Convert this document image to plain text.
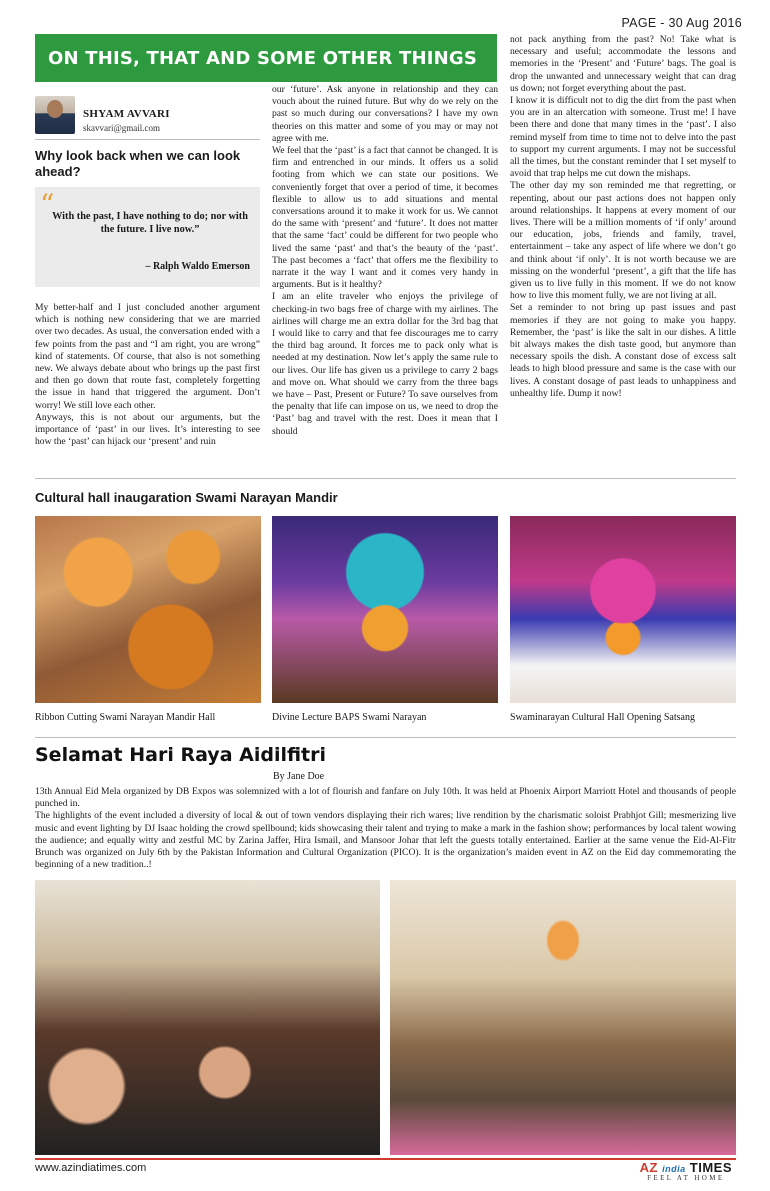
PAGE - 30 Aug 2016
ON THIS, THAT AND SOME OTHER THINGS
SHYAM AVVARI
skavvari@gmail.com
Why look back when we can look ahead?
“
With the past, I have nothing to do; nor with the future. I live now.”
– Ralph Waldo Emerson

My better-half and I just concluded another argument which is nothing new considering that we are married over two decades. As usual, the conversation ended with a few points from the past and “I am right, you are wrong” kind of statements. Of course, that also is not something new. We always debate about who brings up the past first and then go down that route fast, completely forgetting the issue in hand that triggered the argument. Don’t worry! We still love each other.

Anyways, this is not about our arguments, but the importance of ‘past’ in our lives. It’s interesting to see how the ‘past’ can hijack our ‘present’ and ruin

our ‘future’. Ask anyone in relationship and they can vouch about the ruined future. But why do we rely on the past so much during our conversations? I have my own theories on this matter and some of you may or may not agree with me.

We feel that the ‘past’ is a fact that cannot be changed. It is firm and entrenched in our minds. It offers us a solid footing from which we can state our positions. We conveniently forget that over a period of time, it becomes flexible to allow us to add situations and mental conversations around it to make it work for us. We cannot do the same with ‘present’ and ‘future’. It does not matter that the same ‘fact’ could be different for two people who lived the same ‘past’ and that’s the beauty of the ‘past’. The past becomes a ‘fact’ that offers me the flexibility to narrate it the way I want and it comes very handy in arguments. But is it healthy?

I am an elite traveler who enjoys the privilege of checking-in two bags free of charge with my airlines. The airlines will charge me an extra dollar for the 3rd bag that I would like to carry and that fee discourages me to carry the third bag around. It forces me to pack only what is needed at my destination. Now let’s apply the same rule to our lives. Our life has given us a privilege to carry 2 bags and move on. What should we carry from the three bags we have – Past, Present or Future? To save ourselves from the penalty that life can impose on us, we need to drop the ‘Past’ bag and travel with the rest. Does it mean that I should

not pack anything from the past? No! Take what is necessary and useful; accommodate the lessons and memories in the ‘Present’ and ‘Future’ bags. The goal is drop the unwanted and unnecessary weight that can drag us down; not forget everything about the past.

I know it is difficult not to dig the dirt from the past when you are in an altercation with someone. Trust me! I have been there and done that many times in the ‘past’. I also remind myself from time to time not to delve into the past to support my current arguments. I may not be successful all the times, but the constant reminder that I set myself to avoid that trap helps me cut down the mishaps.

The other day my son reminded me that regretting, or repenting, about our past actions does not happen only around relationships. It happens at every moment of our lives. There will be a million moments of ‘if only’ around our education, jobs, friends and family, travel, entertainment – take any aspect of life where we don’t go and think about ‘if only’. It is not worth because we are missing on the wonderful ‘present’, a gift that the life has given us to live fully in this moment. If we do not know how to live this moment fully, we are not living at all.

Set a reminder to not bring up past issues and past memories if they are not going to make you happy. Remember, the ‘past’ is like the salt in our dishes. A little bit always makes the dish taste good, but anymore than necessary spoils the dish. A constant dose of excess salt leads to high blood pressure and same is the case with our lives. A constant dosage of past leads to unhappiness and unhealthy life. Dump it now!

Cultural hall inaugaration Swami Narayan Mandir
Ribbon Cutting Swami Narayan Mandir Hall	Divine Lecture BAPS Swami Narayan	Swaminarayan Cultural Hall Opening Satsang
Selamat Hari Raya Aidilfitri
By Jane Doe

13th Annual Eid Mela organized by DB Expos was solemnized with a lot of flourish and fanfare on July 10th. It was held at Phoenix Airport Marriott Hotel and thousands of people punched in.

The highlights of the event included a diversity of local & out of town vendors displaying their rich wares; live rendition by the charismatic soloist Prabhjot Gill; mesmerizing live music and event lighting by DJ Isaac holding the crowd spellbound; kids showcasing their talent and trying to make a mark in the fashion show; performances by local talent wowing the audience; and equally witty and zestful MC by Zarina Jaffer, Hira Ismail, and Mansoor Johar that left the guests totally entertained. Earlier at the same venue the Eid-Al-Fitr Brunch was organized on July 6th by the Pakistan Information and Cultural Organization (PICO). It is the organization’s maiden event in AZ on the Eid day commemorating the beginning of a new tradition..!

www.azindiatimes.com	AZ india TIMES
FEEL AT HOME
